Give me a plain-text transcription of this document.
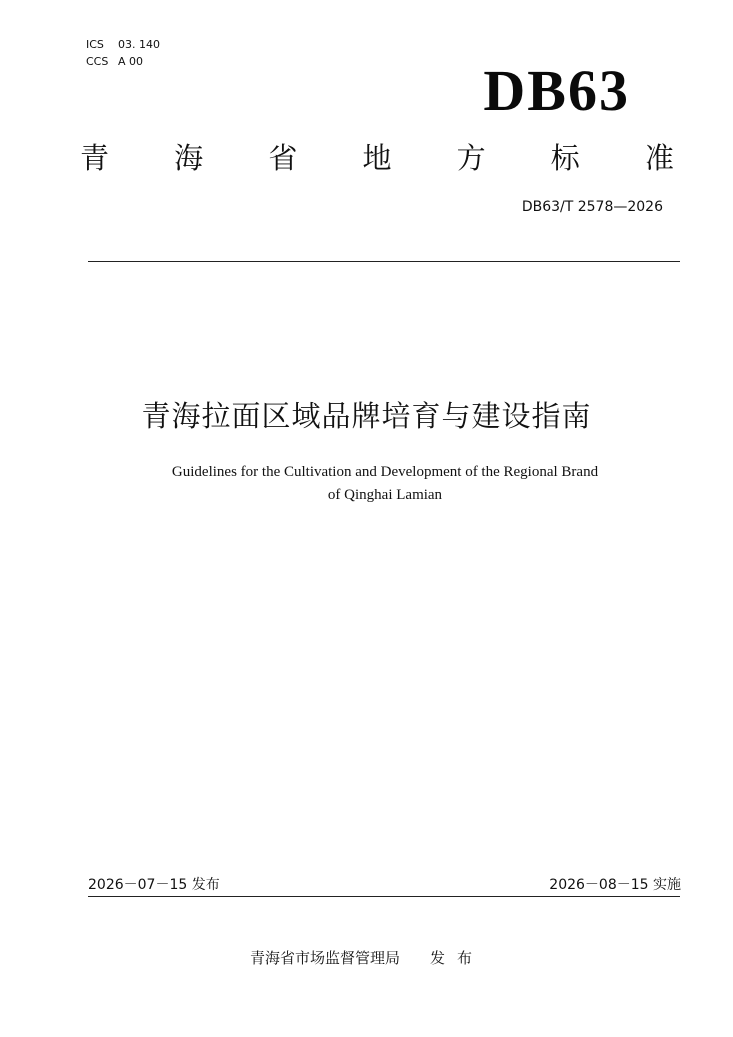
ICS 03. 140
CCS A 00	DB63
青 海 省 地 方 标 准
DB63/T 2578—2026
青海拉面区域品牌培育与建设指南
Guidelines for the Cultivation and Development of the Regional Brand
of Qinghai Lamian
2026－07－15 发布	2026－08－15 实施
青海省市场监督管理局 发布
